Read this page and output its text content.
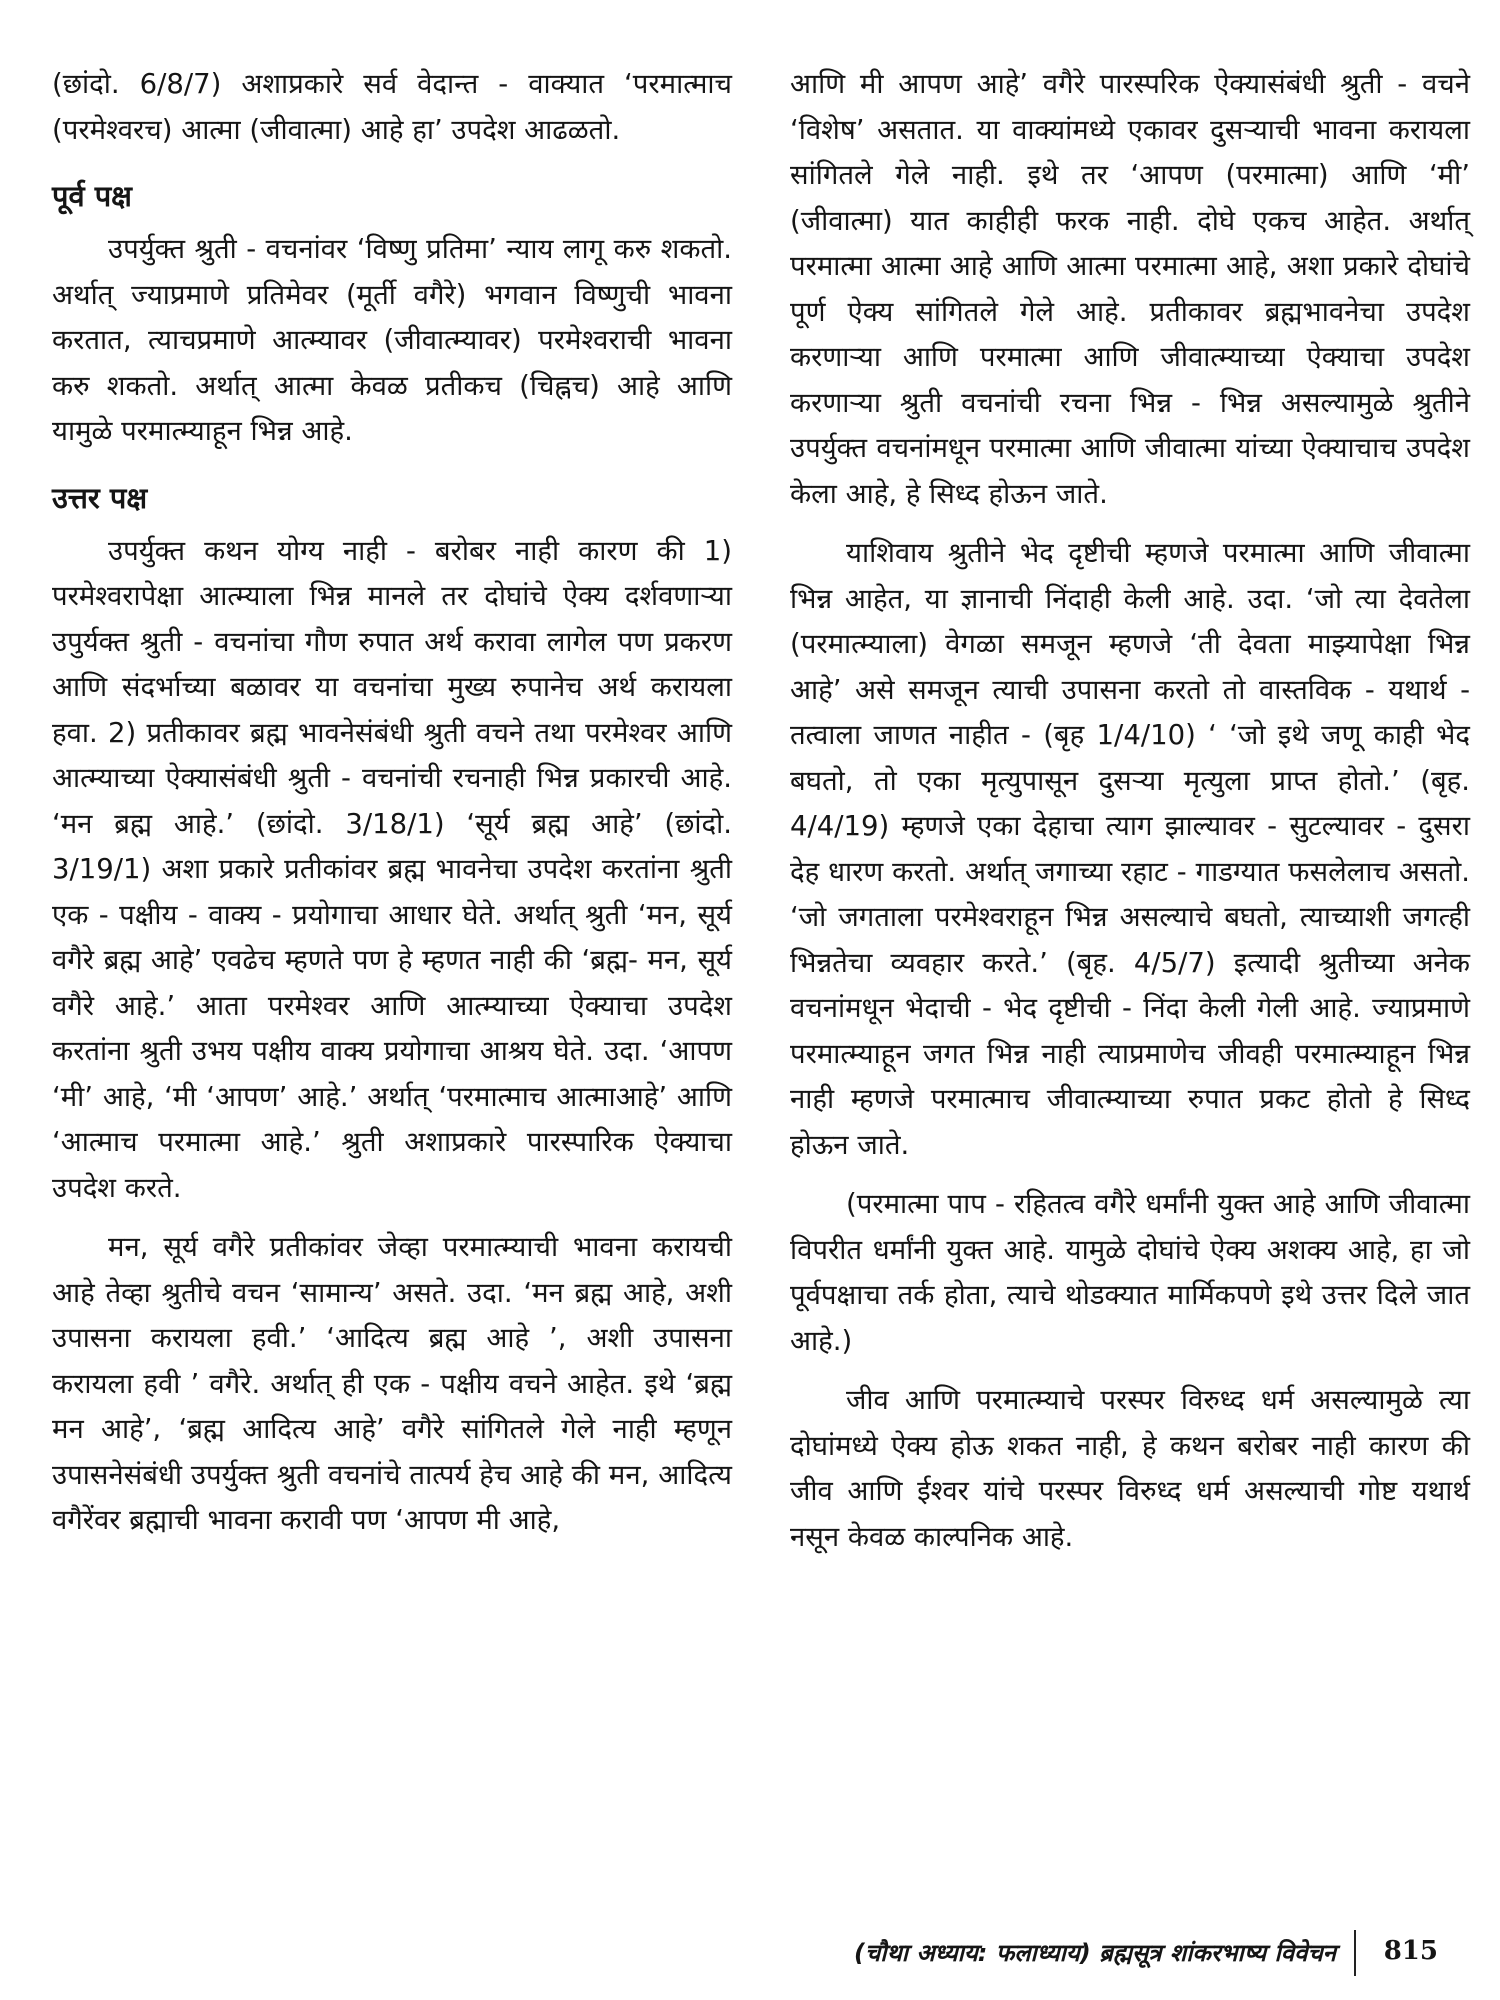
(छांदो. 6/8/7) अशाप्रकारे सर्व वेदान्त - वाक्यात ‘परमात्माच (परमेश्वरच) आत्मा (जीवात्मा) आहे हा’ उपदेश आढळतो.

पूर्व पक्ष

उपर्युक्त श्रुती - वचनांवर ‘विष्णु प्रतिमा’ न्याय लागू करु शकतो. अर्थात् ज्याप्रमाणे प्रतिमेवर (मूर्ती वगैरे) भगवान विष्णुची भावना करतात, त्याचप्रमाणे आत्म्यावर (जीवात्म्यावर) परमेश्वराची भावना करु शकतो. अर्थात् आत्मा केवळ प्रतीकच (चिह्नच) आहे आणि यामुळे परमात्म्याहून भिन्न आहे.

उत्तर पक्ष

उपर्युक्त कथन योग्य नाही - बरोबर नाही कारण की 1) परमेश्वरापेक्षा आत्म्याला भिन्न मानले तर दोघांचे ऐक्य दर्शवणाऱ्या उपुर्यक्त श्रुती - वचनांचा गौण रुपात अर्थ करावा लागेल पण प्रकरण आणि संदर्भाच्या बळावर या वचनांचा मुख्य रुपानेच अर्थ करायला हवा. 2) प्रतीकावर ब्रह्म भावनेसंबंधी श्रुती वचने तथा परमेश्वर आणि आत्म्याच्या ऐक्यासंबंधी श्रुती - वचनांची रचनाही भिन्न प्रकारची आहे. ‘मन ब्रह्म आहे.’ (छांदो. 3/18/1) ‘सूर्य ब्रह्म आहे’ (छांदो. 3/19/1) अशा प्रकारे प्रतीकांवर ब्रह्म भावनेचा उपदेश करतांना श्रुती एक - पक्षीय - वाक्य - प्रयोगाचा आधार घेते. अर्थात् श्रुती ‘मन, सूर्य वगैरे ब्रह्म आहे’ एवढेच म्हणते पण हे म्हणत नाही की ‘ब्रह्म- मन, सूर्य वगैरे आहे.’ आता परमेश्वर आणि आत्म्याच्या ऐक्याचा उपदेश करतांना श्रुती उभय पक्षीय वाक्य प्रयोगाचा आश्रय घेते. उदा. ‘आपण ‘मी’ आहे, ‘मी ‘आपण’ आहे.’ अर्थात् ‘परमात्माच आत्माआहे’ आणि ‘आत्माच परमात्मा आहे.’ श्रुती अशाप्रकारे पारस्पारिक ऐक्याचा उपदेश करते.

मन, सूर्य वगैरे प्रतीकांवर जेव्हा परमात्म्याची भावना करायची आहे तेव्हा श्रुतीचे वचन ‘सामान्य’ असते. उदा. ‘मन ब्रह्म आहे, अशी उपासना करायला हवी.’ ‘आदित्य ब्रह्म आहे ’, अशी उपासना करायला हवी ’ वगैरे. अर्थात् ही एक - पक्षीय वचने आहेत. इथे ‘ब्रह्म मन आहे’, ‘ब्रह्म आदित्य आहे’ वगैरे सांगितले गेले नाही म्हणून उपासनेसंबंधी उपर्युक्त श्रुती वचनांचे तात्पर्य हेच आहे की मन, आदित्य वगैरेंवर ब्रह्माची भावना करावी पण ‘आपण मी आहे,

आणि मी आपण आहे’ वगैरे पारस्परिक ऐक्यासंबंधी श्रुती - वचने ‘विशेष’ असतात. या वाक्यांमध्ये एकावर दुसऱ्याची भावना करायला सांगितले गेले नाही. इथे तर ‘आपण (परमात्मा) आणि ‘मी’ (जीवात्मा) यात काहीही फरक नाही. दोघे एकच आहेत. अर्थात् परमात्मा आत्मा आहे आणि आत्मा परमात्मा आहे, अशा प्रकारे दोघांचे पूर्ण ऐक्य सांगितले गेले आहे. प्रतीकावर ब्रह्मभावनेचा उपदेश करणाऱ्या आणि परमात्मा आणि जीवात्म्याच्या ऐक्याचा उपदेश करणाऱ्या श्रुती वचनांची रचना भिन्न - भिन्न असल्यामुळे श्रुतीने उपर्युक्त वचनांमधून परमात्मा आणि जीवात्मा यांच्या ऐक्याचाच उपदेश केला आहे, हे सिध्द होऊन जाते.

याशिवाय श्रुतीने भेद दृष्टीची म्हणजे परमात्मा आणि जीवात्मा भिन्न आहेत, या ज्ञानाची निंदाही केली आहे. उदा. ‘जो त्या देवतेला (परमात्म्याला) वेगळा समजून म्हणजे ‘ती देवता माझ्यापेक्षा भिन्न आहे’ असे समजून त्याची उपासना करतो तो वास्तविक - यथार्थ - तत्वाला जाणत नाहीत - (बृह 1/4/10) ‘ ‘जो इथे जणू काही भेद बघतो, तो एका मृत्युपासून दुसऱ्या मृत्युला प्राप्त होतो.’ (बृह. 4/4/19) म्हणजे एका देहाचा त्याग झाल्यावर - सुटल्यावर - दुसरा देह धारण करतो. अर्थात् जगाच्या रहाट - गाडग्यात फसलेलाच असतो. ‘जो जगताला परमेश्वराहून भिन्न असल्याचे बघतो, त्याच्याशी जगत्ही भिन्नतेचा व्यवहार करते.’ (बृह. 4/5/7) इत्यादी श्रुतीच्या अनेक वचनांमधून भेदाची - भेद दृष्टीची - निंदा केली गेली आहे. ज्याप्रमाणे परमात्म्याहून जगत भिन्न नाही त्याप्रमाणेच जीवही परमात्म्याहून भिन्न नाही म्हणजे परमात्माच जीवात्म्याच्या रुपात प्रकट होतो हे सिध्द होऊन जाते.

(परमात्मा पाप - रहितत्व वगैरे धर्मांनी युक्त आहे आणि जीवात्मा विपरीत धर्मांनी युक्त आहे. यामुळे दोघांचे ऐक्य अशक्य आहे, हा जो पूर्वपक्षाचा तर्क होता, त्याचे थोडक्यात मार्मिकपणे इथे उत्तर दिले जात आहे.)

जीव आणि परमात्म्याचे परस्पर विरुध्द धर्म असल्यामुळे त्या दोघांमध्ये ऐक्य होऊ शकत नाही, हे कथन बरोबर नाही कारण की जीव आणि ईश्वर यांचे परस्पर विरुध्द धर्म असल्याची गोष्ट यथार्थ नसून केवळ काल्पनिक आहे.

(चौथा अध्याय: फलाध्याय) ब्रह्मसूत्र शांकरभाष्य विवेचन 815
